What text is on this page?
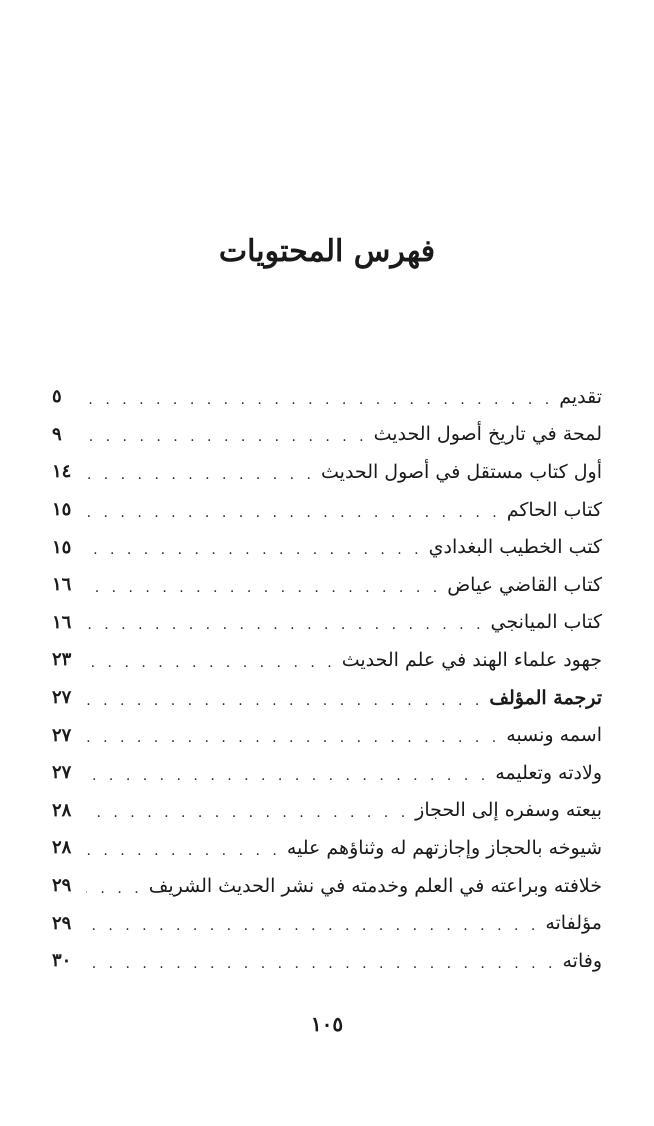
فهرس المحتويات
تقديم
. . .
٥
لمحة في تاريخ أصول الحديث
. . .
٩
أول كتاب مستقل في أصول الحديث
. . .
١٤
كتاب الحاكم
. . .
١٥
كتب الخطيب البغدادي
. . .
١٥
كتاب القاضي عياض
. . .
١٦
كتاب الميانجي
. . .
١٦
جهود علماء الهند في علم الحديث
. . .
٢٣
ترجمة المؤلف
. . .
٢٧
اسمه ونسبه
. . .
٢٧
ولادته وتعليمه
. . .
٢٧
بيعته وسفره إلى الحجاز
. . .
٢٨
شيوخه بالحجاز وإجازتهم له وثناؤهم عليه
. . .
٢٨
خلافته وبراعته في العلم وخدمته في نشر الحديث الشريف
. . .
٢٩
مؤلفاته
. . .
٢٩
وفاته
. . .
٣٠
١٠٥
